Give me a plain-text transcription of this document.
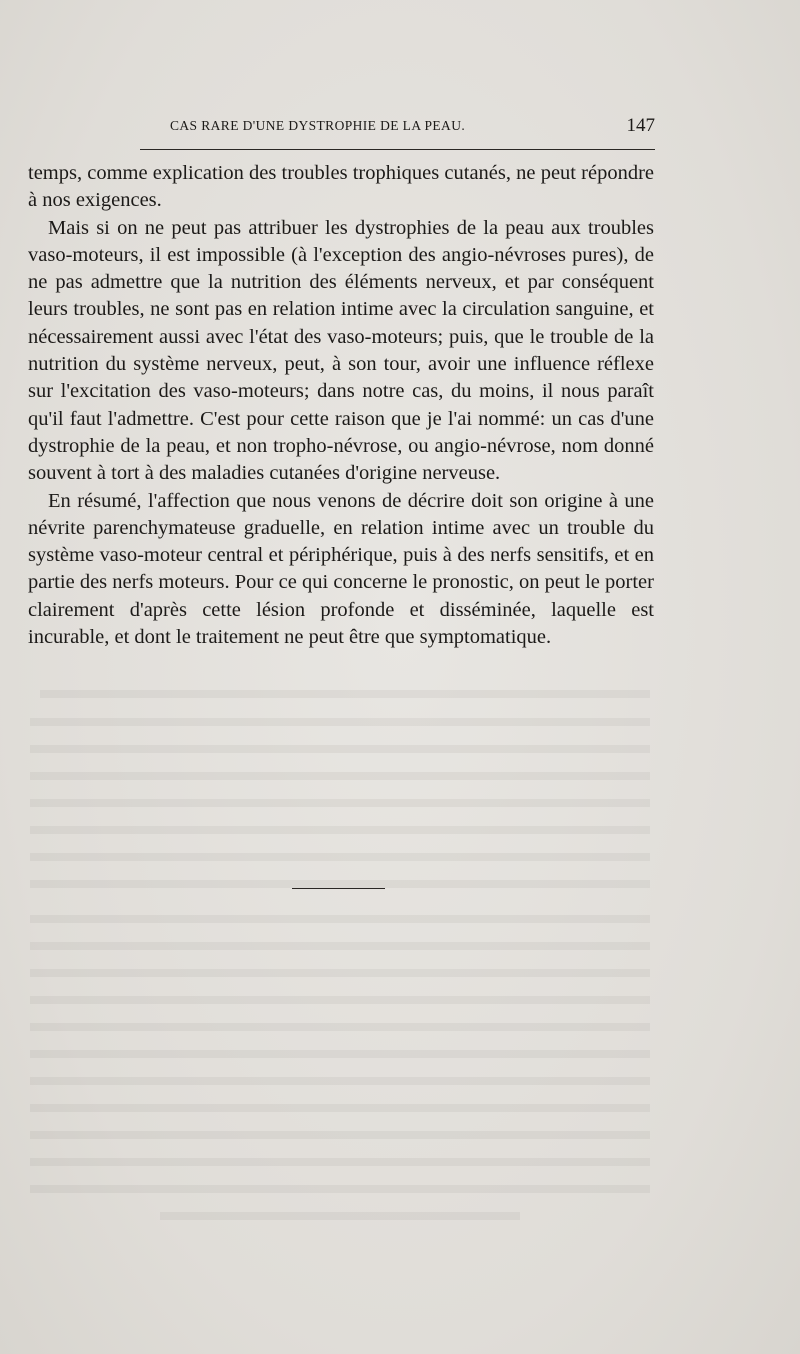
CAS RARE D'UNE DYSTROPHIE DE LA PEAU.	147

temps, comme explication des troubles trophiques cutanés, ne peut répondre à nos exigences.

Mais si on ne peut pas attribuer les dystrophies de la peau aux troubles vaso-moteurs, il est impossible (à l'exception des angio-névroses pures), de ne pas admettre que la nutrition des éléments nerveux, et par conséquent leurs troubles, ne sont pas en relation intime avec la circulation sanguine, et nécessairement aussi avec l'état des vaso-moteurs; puis, que le trouble de la nutrition du système nerveux, peut, à son tour, avoir une influence réflexe sur l'excitation des vaso-moteurs; dans notre cas, du moins, il nous paraît qu'il faut l'admettre. C'est pour cette raison que je l'ai nommé: un cas d'une dystrophie de la peau, et non tropho-névrose, ou angio-névrose, nom donné souvent à tort à des maladies cutanées d'origine nerveuse.

En résumé, l'affection que nous venons de décrire doit son origine à une névrite parenchymateuse graduelle, en relation intime avec un trouble du système vaso-moteur central et périphérique, puis à des nerfs sensitifs, et en partie des nerfs moteurs. Pour ce qui concerne le pronostic, on peut le porter clairement d'après cette lésion profonde et disséminée, laquelle est incurable, et dont le traitement ne peut être que symptomatique.
